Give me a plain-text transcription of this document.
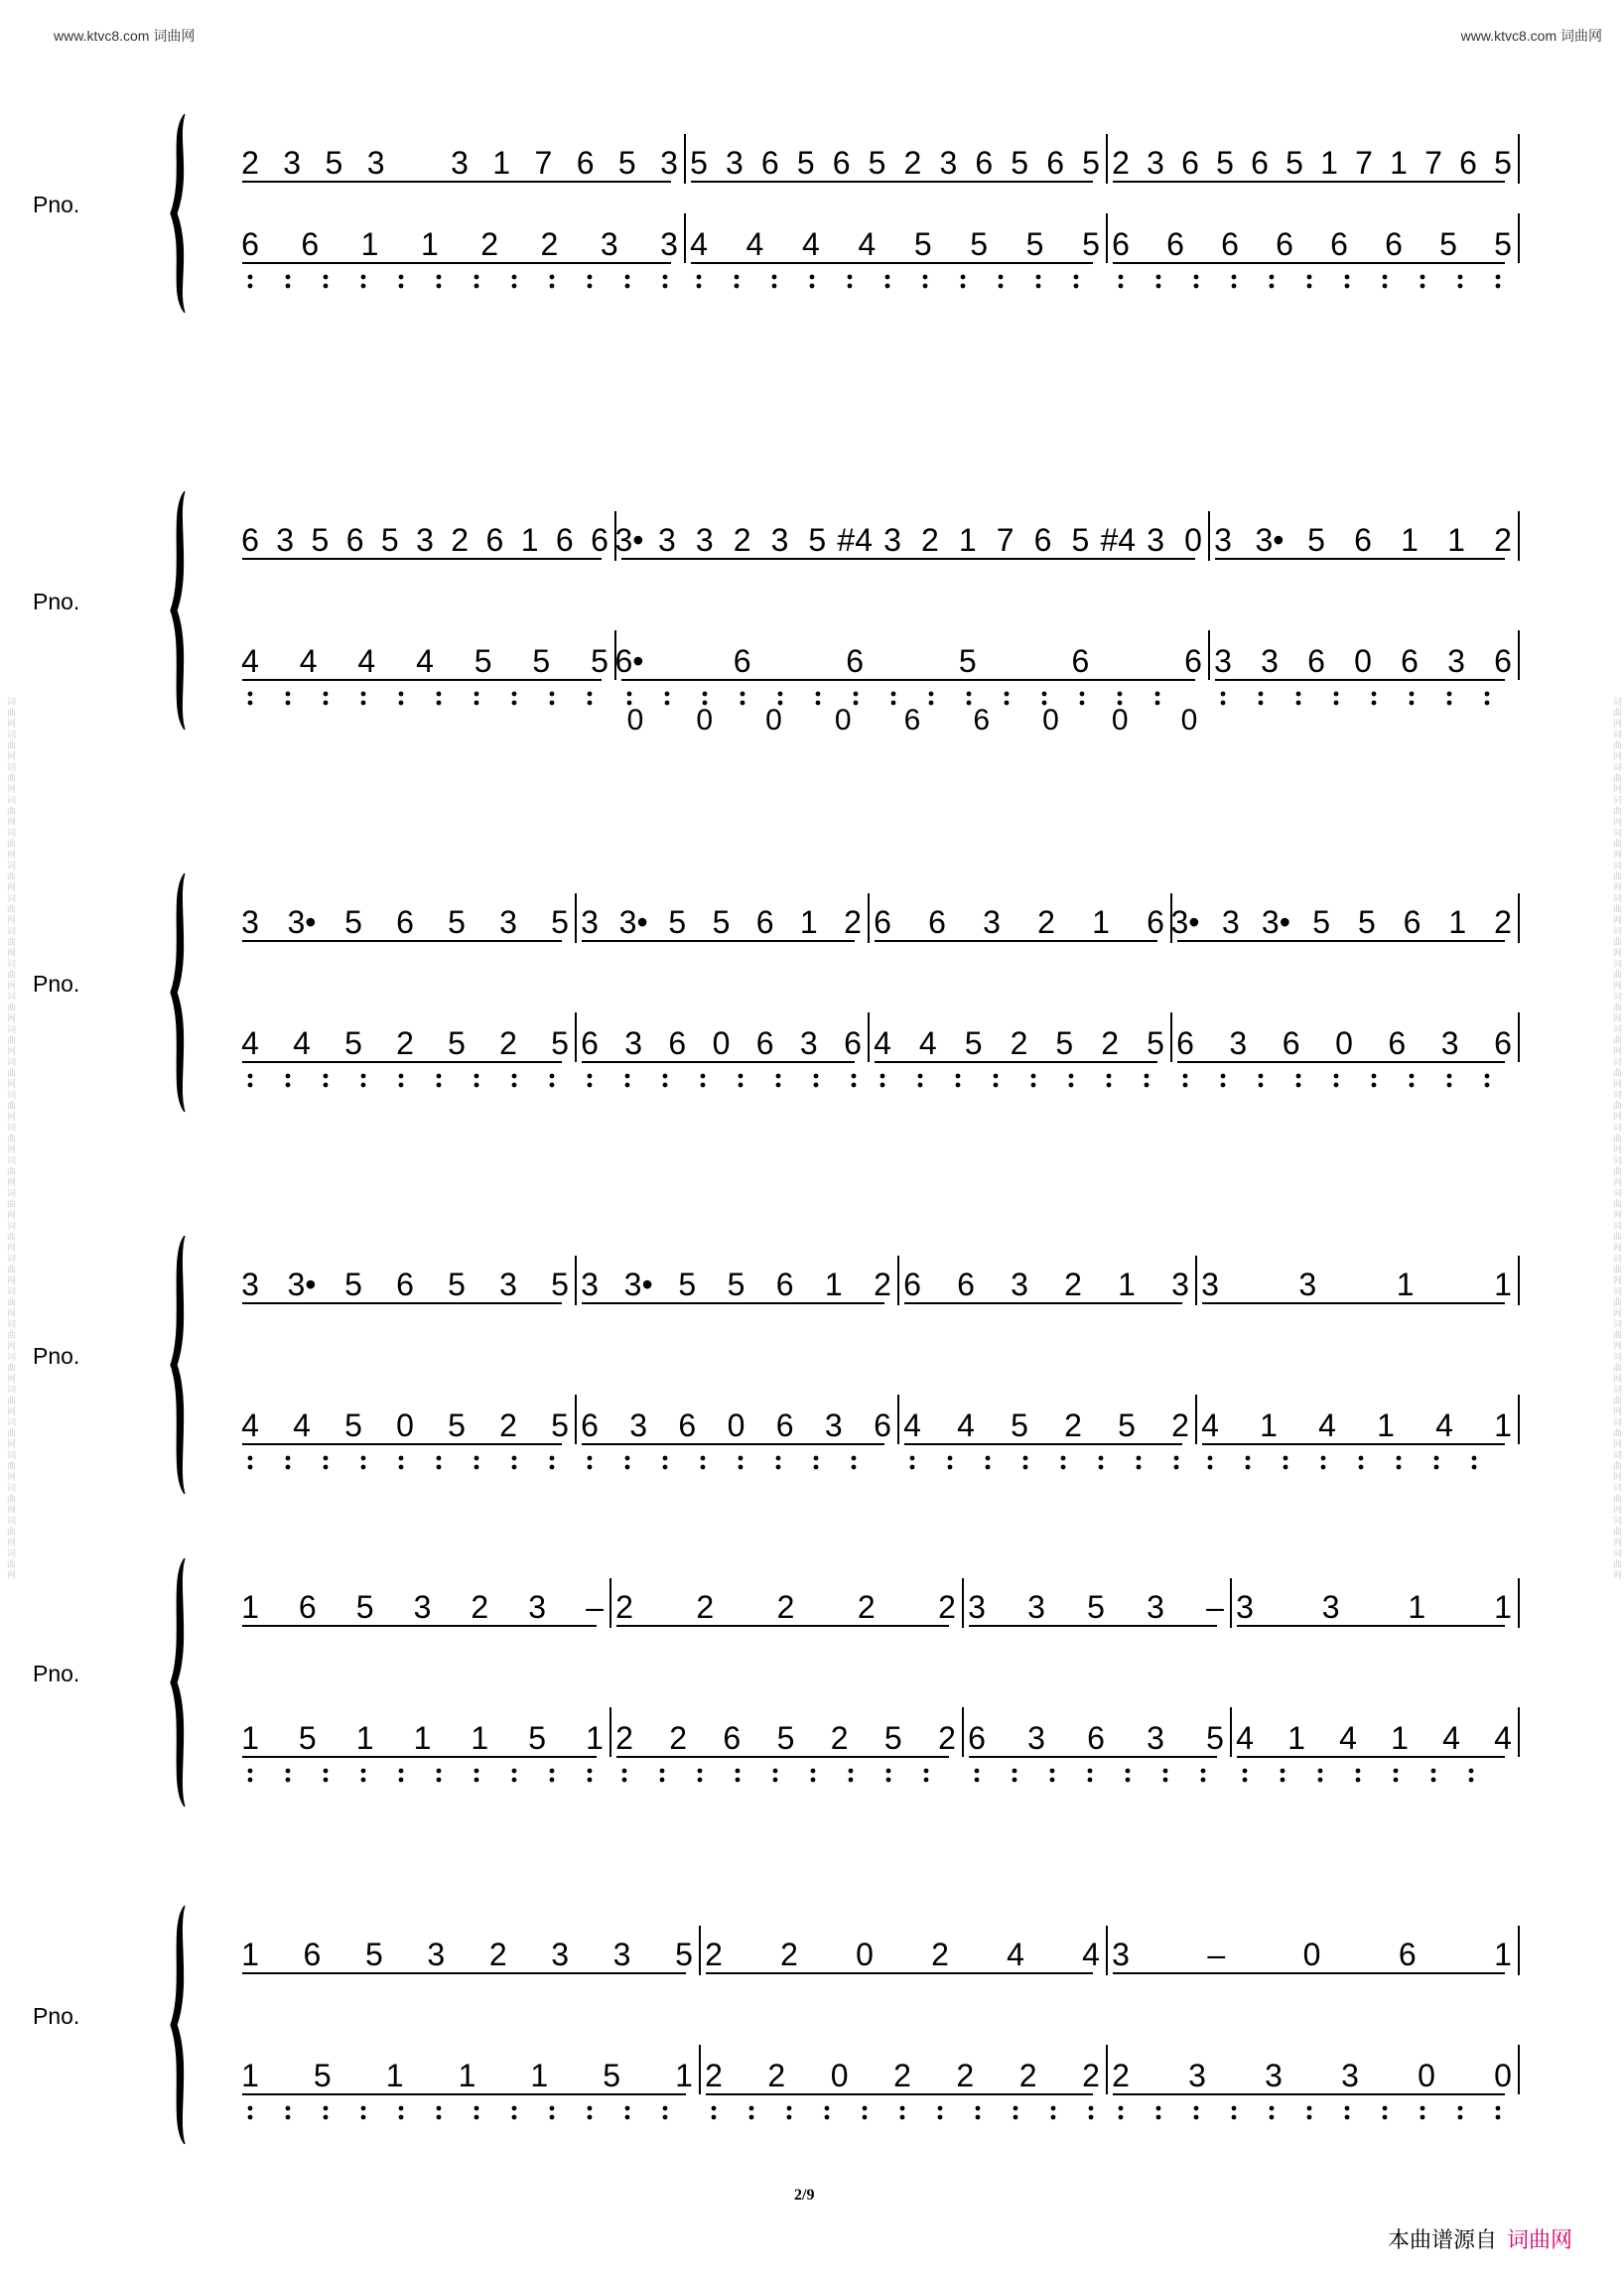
www.ktvc8.com 词曲网	www.ktvc8.com 词曲网
词曲网词曲网词曲网词曲网词曲网词曲网词曲网词曲网词曲网词曲网词曲网词曲网词曲网词曲网词曲网词曲网词曲网词曲网词曲网词曲网词曲网词曲网词曲网词曲网词曲网词曲网词曲网	词曲网词曲网词曲网词曲网词曲网词曲网词曲网词曲网词曲网词曲网词曲网词曲网词曲网词曲网词曲网词曲网词曲网词曲网词曲网词曲网词曲网词曲网词曲网词曲网词曲网词曲网词曲网
Pno.
2 3 5 3 3 1 7 6 5 3 5 3 6 5 6 5 2 3 6 5 6 5 2 3 6 5 6 5 1 7 1 7 6 5
6 6 1 1 2 2 3 3 4 4 4 4 5 5 5 5 6 6 6 6 6 6 5 5
Pno.
6 3 5 6 5 3 2 6 1 6 6 3• 3 3 2 3 5 #4 3 2 1 7 6 5 #4 3 0 3 3• 5 6 1 1 2
4 4 4 4 5 5 5 6•	6	6	5	6	6 3 3 6 0 6 3 6
0 0 0 0 6 6 0 0 0
Pno.
3 3• 5 6 5 3 5 3 3• 5 5 6 1 2 6 6 3 2 1 6 3• 3 3• 5 5 6 1 2
4 4 5 2 5 2 5 6 3 6 0 6 3 6 4 4 5 2 5 2 5 6 3 6 0 6 3 6
Pno.
3 3• 5 6 5 3 5 3 3• 5 5 6 1 2 6 6 3 2 1 3 3	3	1	1
4 4 5 0 5 2 5 6 3 6 0 6 3 6 4 4 5 2 5 2 4 1 4 1 4 1
Pno.
1 6 5 3 2 3 – 2 2 2 2 2 3 3 5 3 – 3 3 1 1
1 5 1 1 1 5 1 2 2 6 5 2 5 2 6 3 6 3 5 4 1 4 1 4 4
Pno.
1 6 5 3 2 3 3 5 2 2 0 2 4 4 3 – 0 6 1
1 5 1 1 1 5 1 2 2 0 2 2 2 2 2 3 3 3 0 0
2/9
本曲谱源自 词曲网
